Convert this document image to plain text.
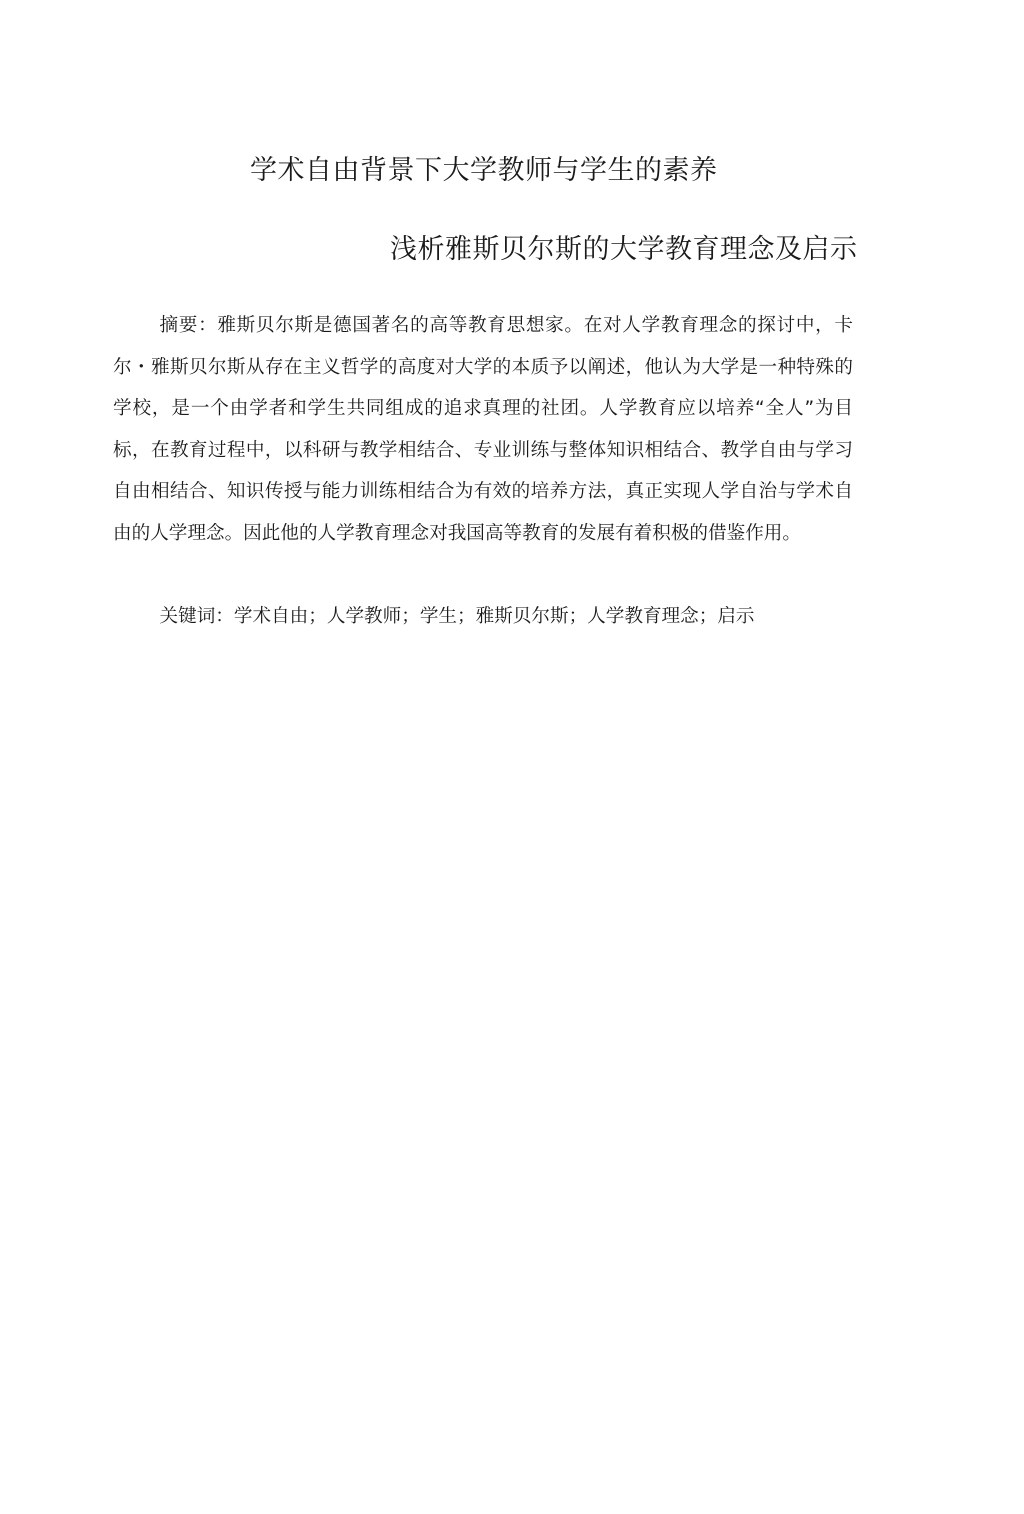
学术自由背景下大学教师与学生的素养
浅析雅斯贝尔斯的大学教育理念及启示

摘要：雅斯贝尔斯是德国著名的高等教育思想家。在对人学教育理念的探讨中，卡尔・雅斯贝尔斯从存在主义哲学的高度对大学的本质予以阐述，他认为大学是一种特殊的学校，是一个由学者和学生共同组成的追求真理的社团。人学教育应以培养“全人”为目标，在教育过程中，以科研与教学相结合、专业训练与整体知识相结合、教学自由与学习自由相结合、知识传授与能力训练相结合为有效的培养方法，真正实现人学自治与学术自由的人学理念。因此他的人学教育理念对我国高等教育的发展有着积极的借鉴作用。

关键词：学术自由；人学教师；学生；雅斯贝尔斯；人学教育理念；启示
